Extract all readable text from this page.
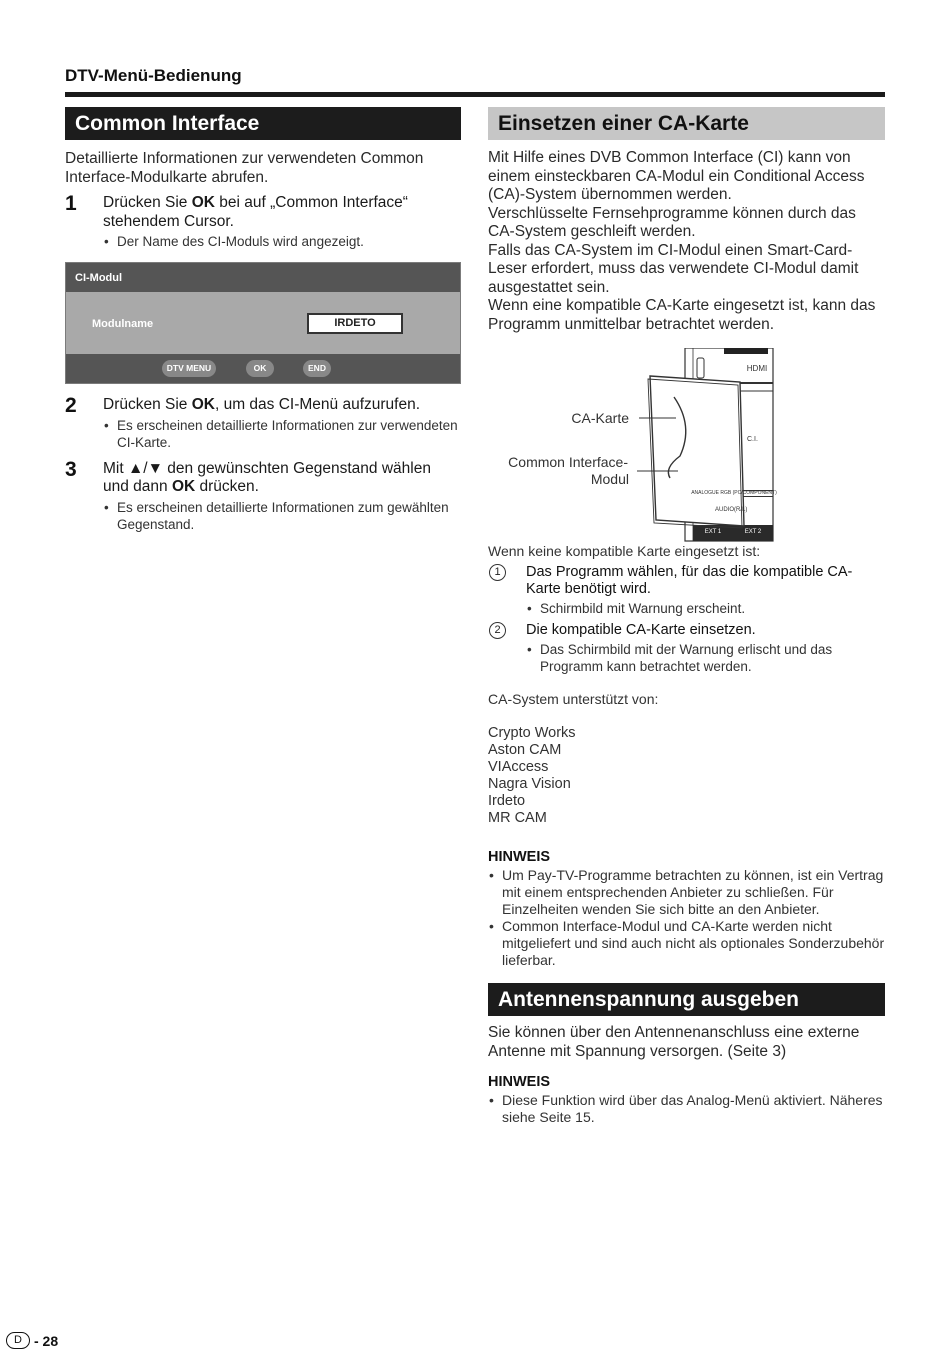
DTV-Menü-Bedienung
Common Interface

Detaillierte Informationen zur verwendeten Common Interface-Modulkarte abrufen.

1 Drücken Sie OK bei auf „Common Interface“ stehendem Cursor.
• Der Name des CI-Moduls wird angezeigt.
CI-Modul
Modulname	IRDETO
DTV MENU	OK	END
2 Drücken Sie OK, um das CI-Menü aufzurufen.
• Es erscheinen detaillierte Informationen zur verwendeten CI-Karte.
3 Mit ▲/▼ den gewünschten Gegenstand wählen und dann OK drücken.
• Es erscheinen detaillierte Informationen zum gewählten Gegenstand.
Einsetzen einer CA-Karte

Mit Hilfe eines DVB Common Interface (CI) kann von einem einsteckbaren CA-Modul ein Conditional Access (CA)-System übernommen werden.

Verschlüsselte Fernsehprogramme können durch das CA-System geschleift werden.

Falls das CA-System im CI-Modul einen Smart-Card-Leser erfordert, muss das verwendete CI-Modul damit ausgestattet sein.

Wenn eine kompatible CA-Karte eingesetzt ist, kann das Programm unmittelbar betrachtet werden.

HDMI
C.I.
ANALOGUE RGB (PC/COMPONENT)
AUDIO(R/L)
EXT 1	EXT 2
CA-Karte
Common Interface-
Modul

Wenn keine kompatible Karte eingesetzt ist:

1	Das Programm wählen, für das die kompatible CA-Karte benötigt wird.
• Schirmbild mit Warnung erscheint.
2	Die kompatible CA-Karte einsetzen.
• Das Schirmbild mit der Warnung erlischt und das Programm kann betrachtet werden.

CA-System unterstützt von:

Crypto Works
Aston CAM
VIAccess
Nagra Vision
Irdeto
MR CAM
HINWEIS
• Um Pay-TV-Programme betrachten zu können, ist ein Vertrag mit einem entsprechenden Anbieter zu schließen. Für Einzelheiten wenden Sie sich bitte an den Anbieter.
• Common Interface-Modul und CA-Karte werden nicht mitgeliefert und sind auch nicht als optionales Sonderzubehör lieferbar.
Antennenspannung ausgeben

Sie können über den Antennenanschluss eine externe Antenne mit Spannung versorgen. (Seite 3)

HINWEIS
• Diese Funktion wird über das Analog-Menü aktiviert. Näheres siehe Seite 15.
D - 28
